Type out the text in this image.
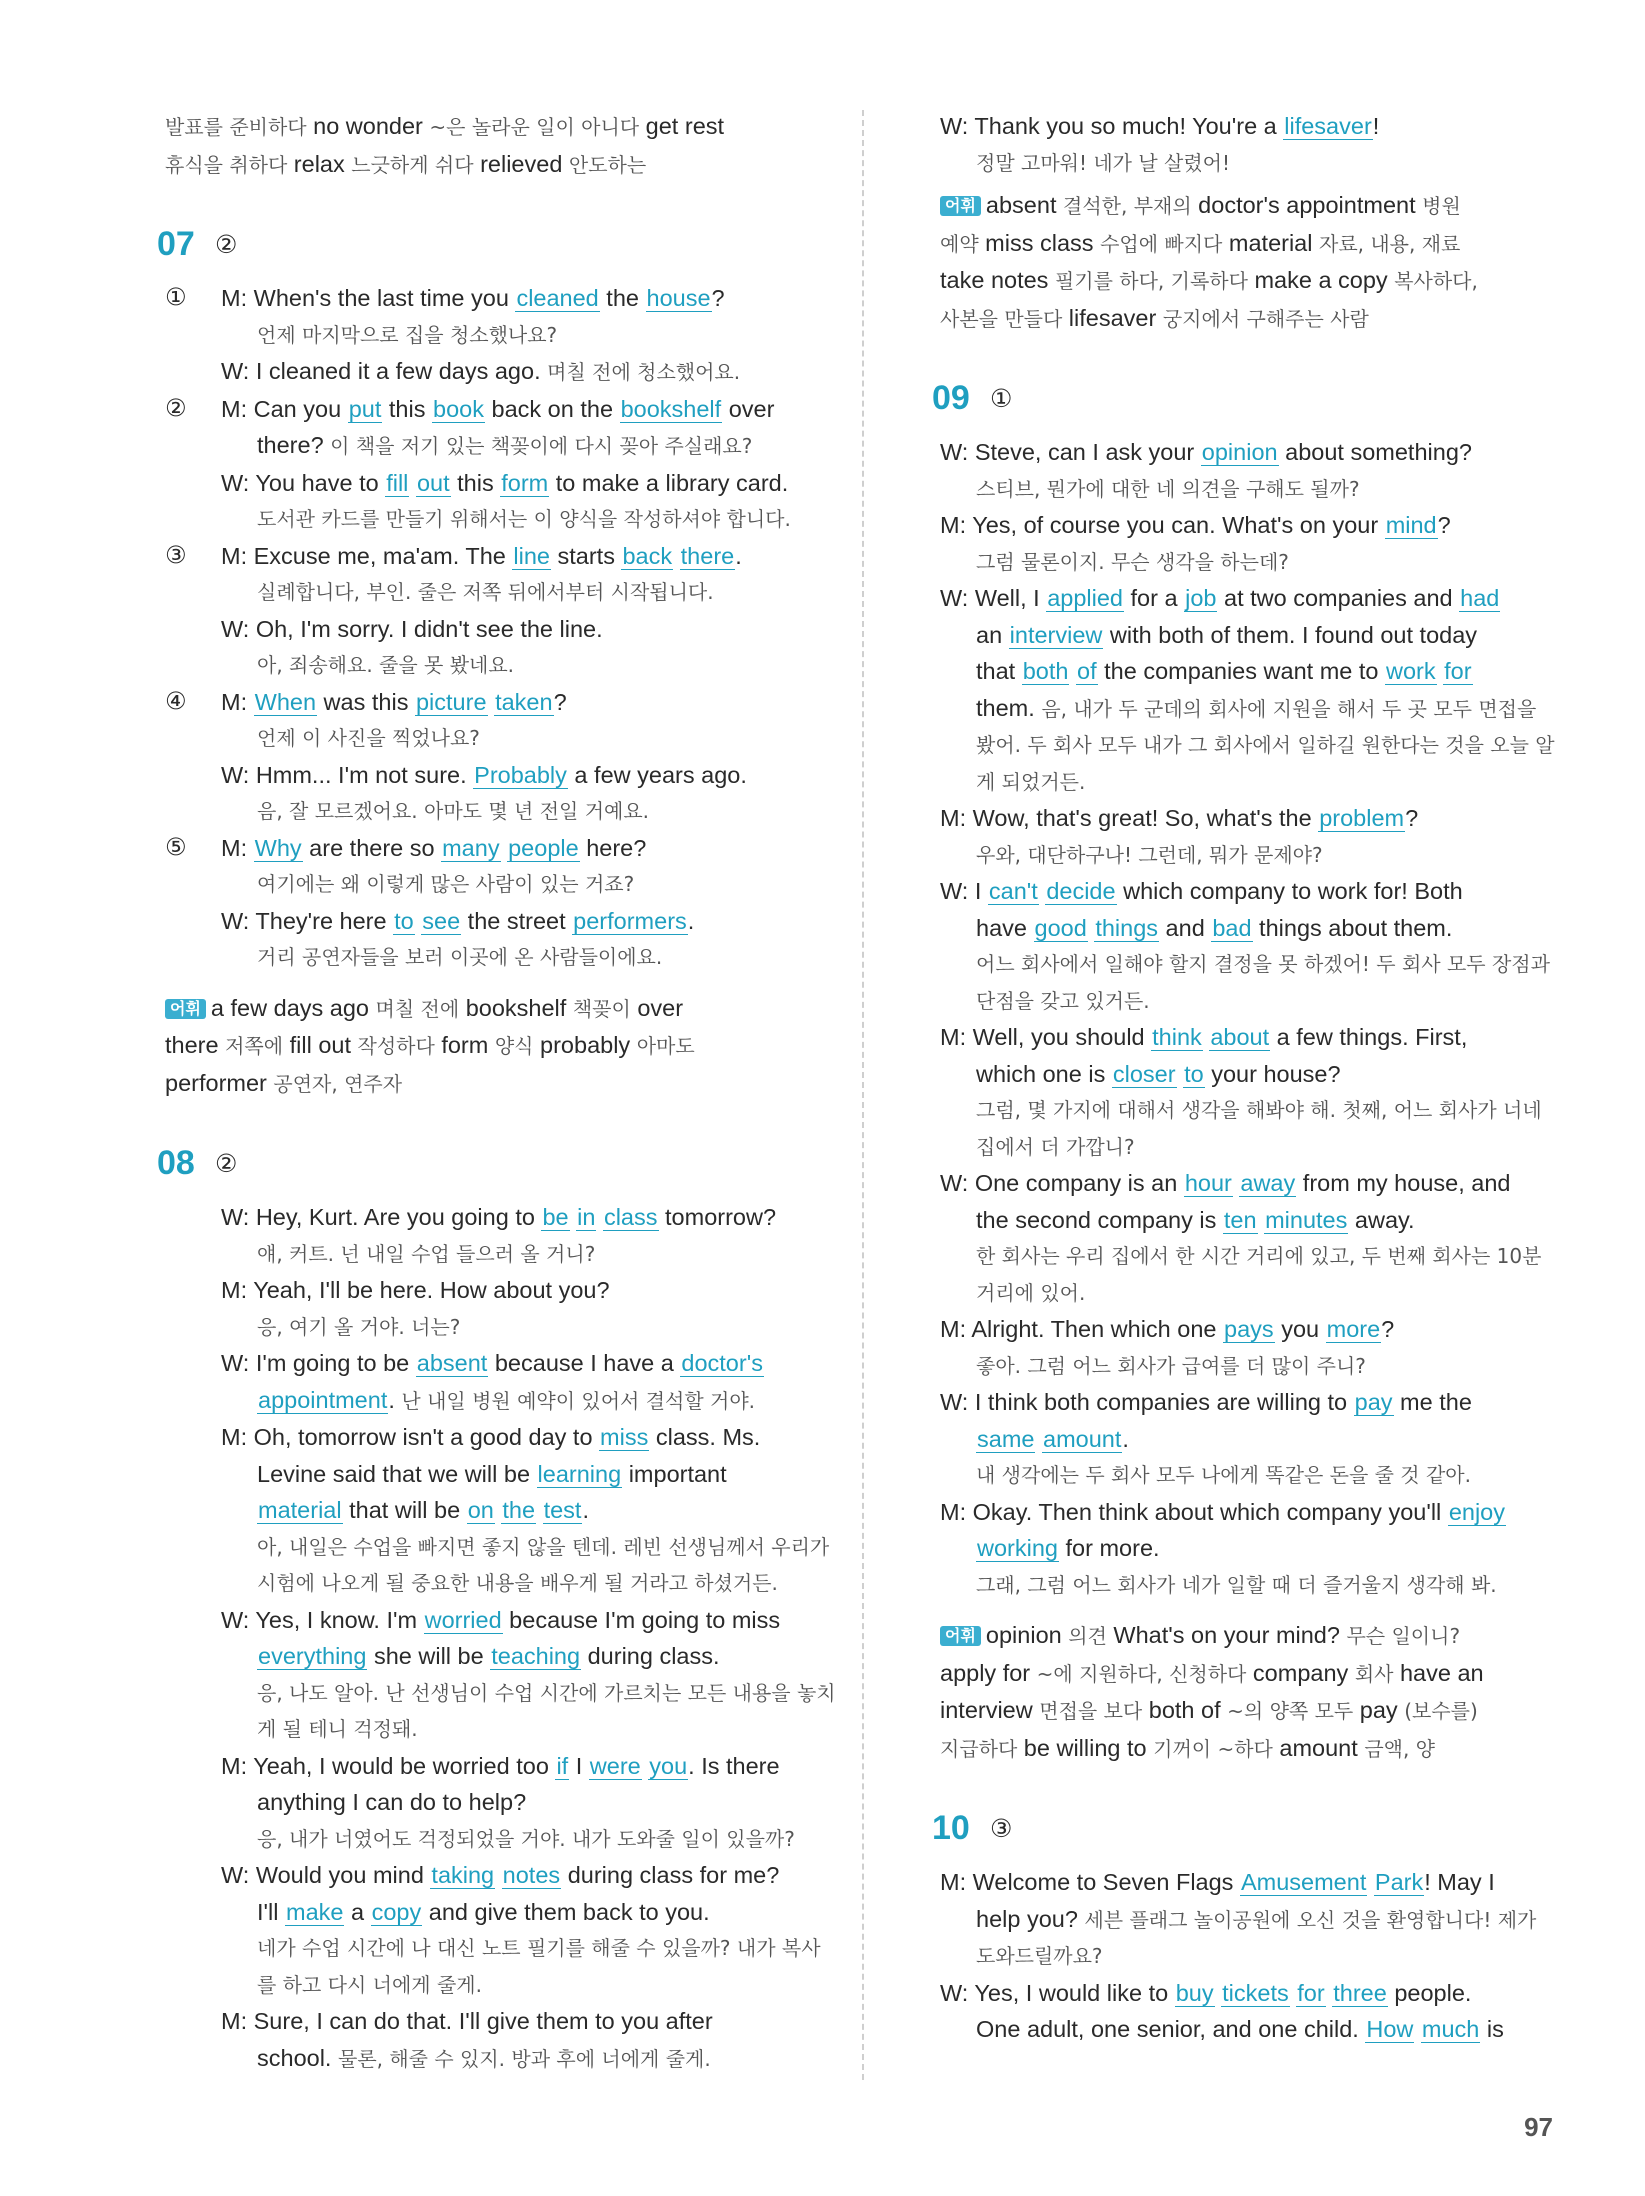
발표를 준비하다 no wonder ~은 놀라운 일이 아니다 get rest
휴식을 취하다 relax 느긋하게 쉬다 relieved 안도하는
07 ②
①	M: When's the last time you cleaned the house?
언제 마지막으로 집을 청소했나요?
W: I cleaned it a few days ago. 며칠 전에 청소했어요.
②	M: Can you put this book back on the bookshelf over
there? 이 책을 저기 있는 책꽂이에 다시 꽂아 주실래요?
W: You have to fill out this form to make a library card.
도서관 카드를 만들기 위해서는 이 양식을 작성하셔야 합니다.
③	M: Excuse me, ma'am. The line starts back there.
실례합니다, 부인. 줄은 저쪽 뒤에서부터 시작됩니다.
W: Oh, I'm sorry. I didn't see the line.
아, 죄송해요. 줄을 못 봤네요.
④	M: When was this picture taken?
언제 이 사진을 찍었나요?
W: Hmm... I'm not sure. Probably a few years ago.
음, 잘 모르겠어요. 아마도 몇 년 전일 거예요.
⑤	M: Why are there so many people here?
여기에는 왜 이렇게 많은 사람이 있는 거죠?
W: They're here to see the street performers.
거리 공연자들을 보러 이곳에 온 사람들이에요.
어휘 a few days ago 며칠 전에 bookshelf 책꽂이 over
there 저쪽에 fill out 작성하다 form 양식 probably 아마도
performer 공연자, 연주자
08 ②
W: Hey, Kurt. Are you going to be in class tomorrow?
얘, 커트. 넌 내일 수업 들으러 올 거니?
M: Yeah, I'll be here. How about you?
응, 여기 올 거야. 너는?
W: I'm going to be absent because I have a doctor's
appointment. 난 내일 병원 예약이 있어서 결석할 거야.
M: Oh, tomorrow isn't a good day to miss class. Ms.
Levine said that we will be learning important
material that will be on the test.
아, 내일은 수업을 빠지면 좋지 않을 텐데. 레빈 선생님께서 우리가
시험에 나오게 될 중요한 내용을 배우게 될 거라고 하셨거든.
W: Yes, I know. I'm worried because I'm going to miss
everything she will be teaching during class.
응, 나도 알아. 난 선생님이 수업 시간에 가르치는 모든 내용을 놓치
게 될 테니 걱정돼.
M: Yeah, I would be worried too if I were you. Is there
anything I can do to help?
응, 내가 너였어도 걱정되었을 거야. 내가 도와줄 일이 있을까?
W: Would you mind taking notes during class for me?
I'll make a copy and give them back to you.
네가 수업 시간에 나 대신 노트 필기를 해줄 수 있을까? 내가 복사
를 하고 다시 너에게 줄게.
M: Sure, I can do that. I'll give them to you after
school. 물론, 해줄 수 있지. 방과 후에 너에게 줄게.
W: Thank you so much! You're a lifesaver!
정말 고마워! 네가 날 살렸어!
어휘 absent 결석한, 부재의 doctor's appointment 병원
예약 miss class 수업에 빠지다 material 자료, 내용, 재료
take notes 필기를 하다, 기록하다 make a copy 복사하다,
사본을 만들다 lifesaver 궁지에서 구해주는 사람
09 ①
W: Steve, can I ask your opinion about something?
스티브, 뭔가에 대한 네 의견을 구해도 될까?
M: Yes, of course you can. What's on your mind?
그럼 물론이지. 무슨 생각을 하는데?
W: Well, I applied for a job at two companies and had
an interview with both of them. I found out today
that both of the companies want me to work for
them. 음, 내가 두 군데의 회사에 지원을 해서 두 곳 모두 면접을
봤어. 두 회사 모두 내가 그 회사에서 일하길 원한다는 것을 오늘 알
게 되었거든.
M: Wow, that's great! So, what's the problem?
우와, 대단하구나! 그런데, 뭐가 문제야?
W: I can't decide which company to work for! Both
have good things and bad things about them.
어느 회사에서 일해야 할지 결정을 못 하겠어! 두 회사 모두 장점과
단점을 갖고 있거든.
M: Well, you should think about a few things. First,
which one is closer to your house?
그럼, 몇 가지에 대해서 생각을 해봐야 해. 첫째, 어느 회사가 너네
집에서 더 가깝니?
W: One company is an hour away from my house, and
the second company is ten minutes away.
한 회사는 우리 집에서 한 시간 거리에 있고, 두 번째 회사는 10분
거리에 있어.
M: Alright. Then which one pays you more?
좋아. 그럼 어느 회사가 급여를 더 많이 주니?
W: I think both companies are willing to pay me the
same amount.
내 생각에는 두 회사 모두 나에게 똑같은 돈을 줄 것 같아.
M: Okay. Then think about which company you'll enjoy
working for more.
그래, 그럼 어느 회사가 네가 일할 때 더 즐거울지 생각해 봐.
어휘 opinion 의견 What's on your mind? 무슨 일이니?
apply for ~에 지원하다, 신청하다 company 회사 have an
interview 면접을 보다 both of ~의 양쪽 모두 pay (보수를)
지급하다 be willing to 기꺼이 ~하다 amount 금액, 양
10 ③
M: Welcome to Seven Flags Amusement Park! May I
help you? 세븐 플래그 놀이공원에 오신 것을 환영합니다! 제가
도와드릴까요?
W: Yes, I would like to buy tickets for three people.
One adult, one senior, and one child. How much is
97
